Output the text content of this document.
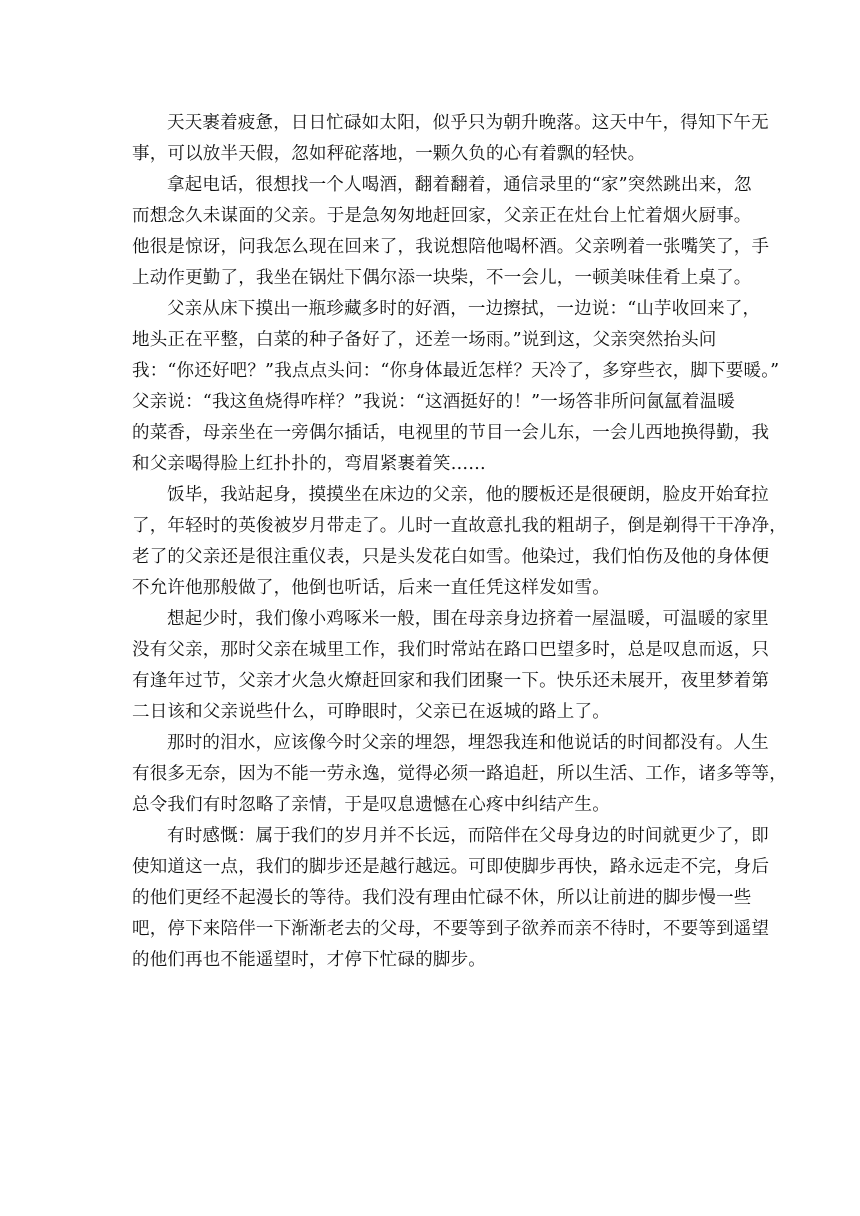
天天裹着疲惫，日日忙碌如太阳，似乎只为朝升晚落。这天中午，得知下午无
事，可以放半天假，忽如秤砣落地，一颗久负的心有着飘的轻快。
拿起电话，很想找一个人喝酒，翻着翻着，通信录里的“家”突然跳出来，忽
而想念久未谋面的父亲。于是急匆匆地赶回家，父亲正在灶台上忙着烟火厨事。
他很是惊讶，问我怎么现在回来了，我说想陪他喝杯酒。父亲咧着一张嘴笑了，手
上动作更勤了，我坐在锅灶下偶尔添一块柴，不一会儿，一顿美味佳肴上桌了。
父亲从床下摸出一瓶珍藏多时的好酒，一边擦拭，一边说：“山芋收回来了，
地头正在平整，白菜的种子备好了，还差一场雨。”说到这，父亲突然抬头问
我：“你还好吧？”我点点头问：“你身体最近怎样？天冷了，多穿些衣，脚下要暖。”
父亲说：“我这鱼烧得咋样？”我说：“这酒挺好的！”一场答非所问氤氲着温暖
的菜香，母亲坐在一旁偶尔插话，电视里的节目一会儿东，一会儿西地换得勤，我
和父亲喝得脸上红扑扑的，弯眉紧裹着笑……
饭毕，我站起身，摸摸坐在床边的父亲，他的腰板还是很硬朗，脸皮开始耷拉
了，年轻时的英俊被岁月带走了。儿时一直故意扎我的粗胡子，倒是剃得干干净净，
老了的父亲还是很注重仪表，只是头发花白如雪。他染过，我们怕伤及他的身体便
不允许他那般做了，他倒也听话，后来一直任凭这样发如雪。
想起少时，我们像小鸡啄米一般，围在母亲身边挤着一屋温暖，可温暖的家里
没有父亲，那时父亲在城里工作，我们时常站在路口巴望多时，总是叹息而返，只
有逢年过节，父亲才火急火燎赶回家和我们团聚一下。快乐还未展开，夜里梦着第
二日该和父亲说些什么，可睁眼时，父亲已在返城的路上了。
那时的泪水，应该像今时父亲的埋怨，埋怨我连和他说话的时间都没有。人生
有很多无奈，因为不能一劳永逸，觉得必须一路追赶，所以生活、工作，诸多等等，
总令我们有时忽略了亲情，于是叹息遗憾在心疼中纠结产生。
有时感慨：属于我们的岁月并不长远，而陪伴在父母身边的时间就更少了，即
使知道这一点，我们的脚步还是越行越远。可即使脚步再快，路永远走不完，身后
的他们更经不起漫长的等待。我们没有理由忙碌不休，所以让前进的脚步慢一些
吧，停下来陪伴一下渐渐老去的父母，不要等到子欲养而亲不待时，不要等到遥望
的他们再也不能遥望时，才停下忙碌的脚步。
